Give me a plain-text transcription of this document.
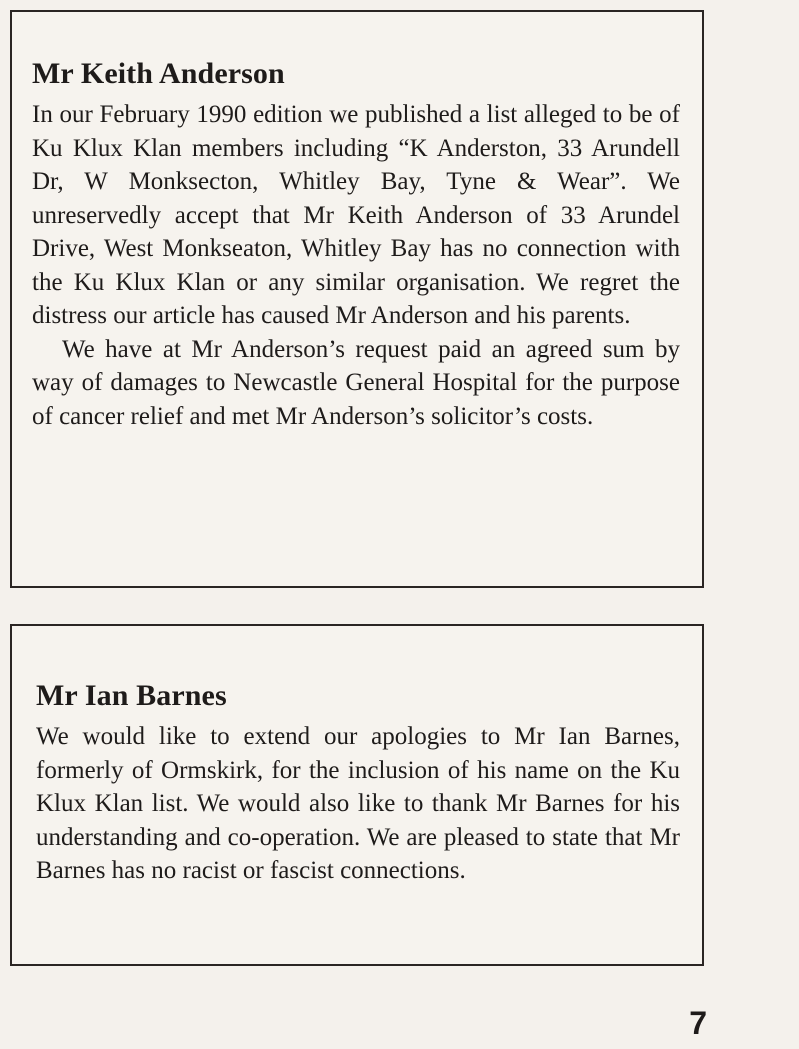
Mr Keith Anderson

In our February 1990 edition we published a list alleged to be of Ku Klux Klan members including “K Anderston, 33 Arundell Dr, W Monksecton, Whitley Bay, Tyne & Wear”. We unreservedly accept that Mr Keith Anderson of 33 Arundel Drive, West Monkseaton, Whitley Bay has no connection with the Ku Klux Klan or any similar organisation. We regret the distress our article has caused Mr Anderson and his parents.

We have at Mr Anderson’s request paid an agreed sum by way of damages to Newcastle General Hospital for the purpose of cancer relief and met Mr Anderson’s solicitor’s costs.

Mr Ian Barnes

We would like to extend our apologies to Mr Ian Barnes, formerly of Ormskirk, for the inclusion of his name on the Ku Klux Klan list. We would also like to thank Mr Barnes for his understanding and co-operation. We are pleased to state that Mr Barnes has no racist or fascist connections.

7
